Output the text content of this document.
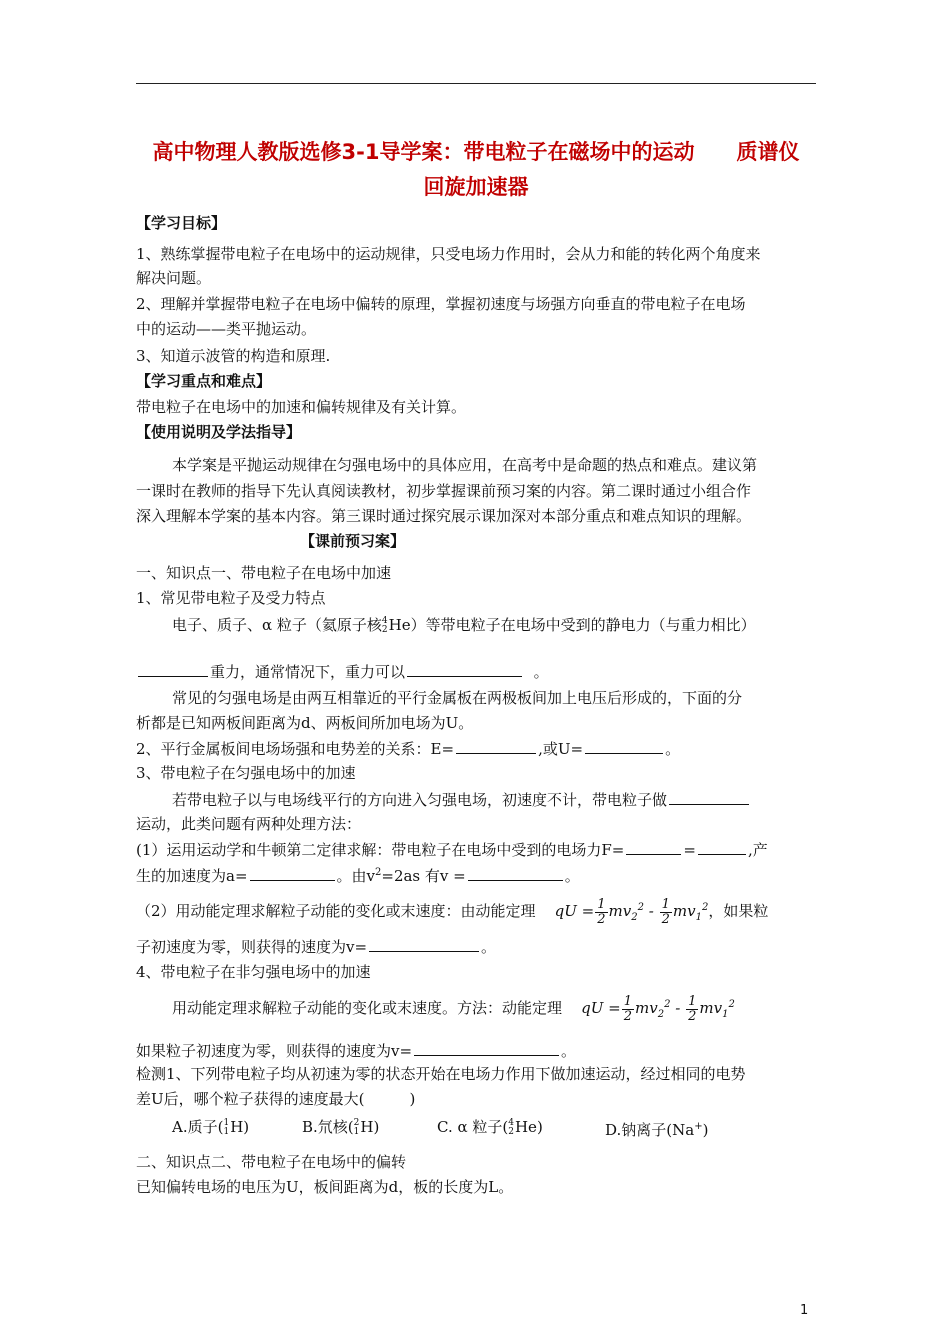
高中物理人教版选修3-1导学案：带电粒子在磁场中的运动　　质谱仪
回旋加速器
【学习目标】
1、熟练掌握带电粒子在电场中的运动规律，只受电场力作用时，会从力和能的转化两个角度来
解决问题。
2、理解并掌握带电粒子在电场中偏转的原理，掌握初速度与场强方向垂直的带电粒子在电场
中的运动——类平抛运动。
3、知道示波管的构造和原理.
【学习重点和难点】
带电粒子在电场中的加速和偏转规律及有关计算。
【使用说明及学法指导】
本学案是平抛运动规律在匀强电场中的具体应用，在高考中是命题的热点和难点。建议第
一课时在教师的指导下先认真阅读教材，初步掌握课前预习案的内容。第二课时通过小组合作
深入理解本学案的基本内容。第三课时通过探究展示课加深对本部分重点和难点知识的理解。
【课前预习案】
一、知识点一、带电粒子在电场中加速
1、常见带电粒子及受力特点
电子、质子、α 粒子（氦原子核 4
2 He）等带电粒子在电场中受到的静电力（与重力相比）
重力，通常情况下，重力可以	。
常见的匀强电场是由两互相靠近的平行金属板在两极板间加上电压后形成的，下面的分
析都是已知两板间距离为d、两板间所加电场为U。
2、平行金属板间电场场强和电势差的关系：E=	,或U=	。
3、带电粒子在匀强电场中的加速
若带电粒子以与电场线平行的方向进入匀强电场，初速度不计，带电粒子做
运动，此类问题有两种处理方法：
(1）运用运动学和牛顿第二定律求解：带电粒子在电场中受到的电场力F=	=	,产
生的加速度为a=	。由$v^2=2as$ 有v =	。
（2）用动能定理求解粒子动能的变化或末速度：由动能定理 qU = $\frac{1}{2} mv_2^2 - \frac{1}{2} mv_1^2$，如果粒
子初速度为零，则获得的速度为v=	。
4、带电粒子在非匀强电场中的加速
用动能定理求解粒子动能的变化或末速度。方法：动能定理 qU = $\frac{1}{2} mv_2^2 - \frac{1}{2} mv_1^2$
如果粒子初速度为零，则获得的速度为v=	。
检测1、下列带电粒子均从初速为零的状态开始在电场力作用下做加速运动，经过相同的电势
差U后，哪个粒子获得的速度最大(　　　)
A.质子( 1
1 H)	B.氘核( 2
1 H)	C. α 粒子( 4
2 He)	D.钠离子(Na+)
二、知识点二、带电粒子在电场中的偏转
已知偏转电场的电压为U，板间距离为d，板的长度为L。
1
